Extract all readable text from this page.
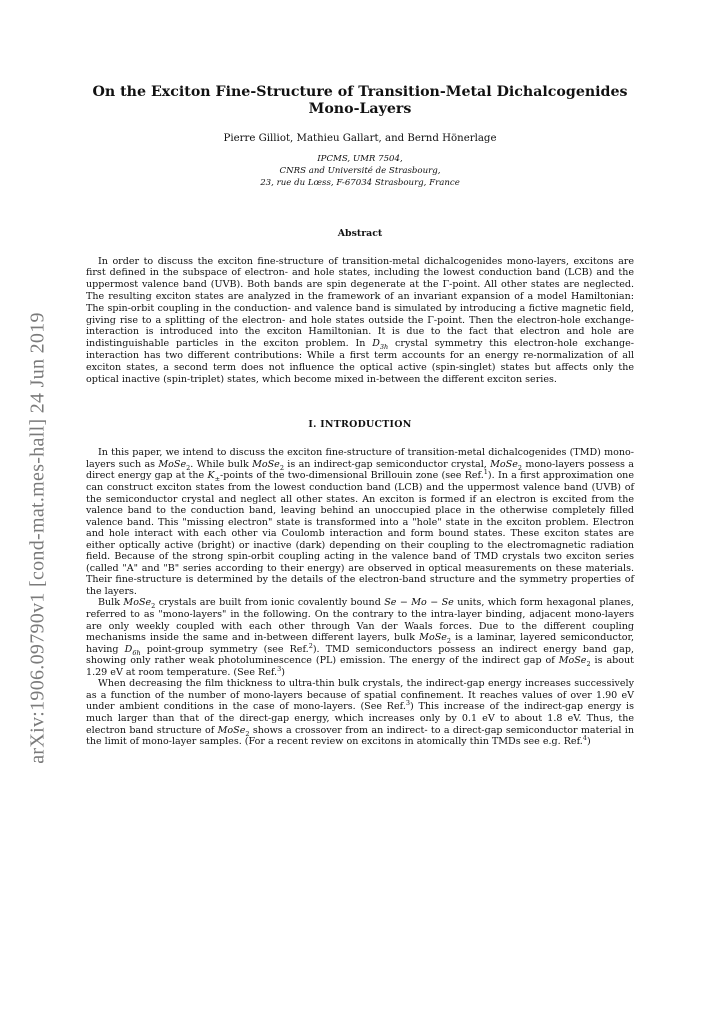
arXiv:1906.09790v1 [cond-mat.mes-hall] 24 Jun 2019
On the Exciton Fine-Structure of Transition-Metal Dichalcogenides
Mono-Layers
Pierre Gilliot, Mathieu Gallart, and Bernd Hönerlage
IPCMS, UMR 7504,
CNRS and Université de Strasbourg,
23, rue du Lœss, F-67034 Strasbourg, France
Abstract

In order to discuss the exciton fine-structure of transition-metal dichalcogenides mono-layers, excitons are first defined in the subspace of electron- and hole states, including the lowest conduction band (LCB) and the uppermost valence band (UVB). Both bands are spin degenerate at the Γ-point. All other states are neglected. The resulting exciton states are analyzed in the framework of an invariant expansion of a model Hamiltonian: The spin-orbit coupling in the conduction- and valence band is simulated by introducing a fictive magnetic field, giving rise to a splitting of the electron- and hole states outside the Γ-point. Then the electron-hole exchange-interaction is introduced into the exciton Hamiltonian. It is due to the fact that electron and hole are indistinguishable particles in the exciton problem. In $D_{3h}$ crystal symmetry this electron-hole exchange-interaction has two different contributions: While a first term accounts for an energy re-normalization of all exciton states, a second term does not influence the optical active (spin-singlet) states but affects only the optical inactive (spin-triplet) states, which become mixed in-between the different exciton series.

I. INTRODUCTION

In this paper, we intend to discuss the exciton fine-structure of transition-metal dichalcogenides (TMD) mono-layers such as MoSe$_2$. While bulk MoSe$_2$ is an indirect-gap semiconductor crystal, MoSe$_2$ mono-layers possess a direct energy gap at the $K_\pm$-points of the two-dimensional Brillouin zone (see Ref.$^1$). In a first approximation one can construct exciton states from the lowest conduction band (LCB) and the uppermost valence band (UVB) of the semiconductor crystal and neglect all other states. An exciton is formed if an electron is excited from the valence band to the conduction band, leaving behind an unoccupied place in the otherwise completely filled valence band. This "missing electron" state is transformed into a "hole" state in the exciton problem. Electron and hole interact with each other via Coulomb interaction and form bound states. These exciton states are either optically active (bright) or inactive (dark) depending on their coupling to the electromagnetic radiation field. Because of the strong spin-orbit coupling acting in the valence band of TMD crystals two exciton series (called "A" and "B" series according to their energy) are observed in optical measurements on these materials. Their fine-structure is determined by the details of the electron-band structure and the symmetry properties of the layers.

Bulk MoSe$_2$ crystals are built from ionic covalently bound Se − Mo − Se units, which form hexagonal planes, referred to as "mono-layers" in the following. On the contrary to the intra-layer binding, adjacent mono-layers are only weekly coupled with each other through Van der Waals forces. Due to the different coupling mechanisms inside the same and in-between different layers, bulk MoSe$_2$ is a laminar, layered semiconductor, having $D_{6h}$ point-group symmetry (see Ref.$^2$). TMD semiconductors possess an indirect energy band gap, showing only rather weak photoluminescence (PL) emission. The energy of the indirect gap of MoSe$_2$ is about 1.29 eV at room temperature. (See Ref.$^3$)

When decreasing the film thickness to ultra-thin bulk crystals, the indirect-gap energy increases successively as a function of the number of mono-layers because of spatial confinement. It reaches values of over 1.90 eV under ambient conditions in the case of mono-layers. (See Ref.$^3$) This increase of the indirect-gap energy is much larger than that of the direct-gap energy, which increases only by 0.1 eV to about 1.8 eV. Thus, the electron band structure of MoSe$_2$ shows a crossover from an indirect- to a direct-gap semiconductor material in the limit of mono-layer samples. (For a recent review on excitons in atomically thin TMDs see e.g. Ref.$^4$)
